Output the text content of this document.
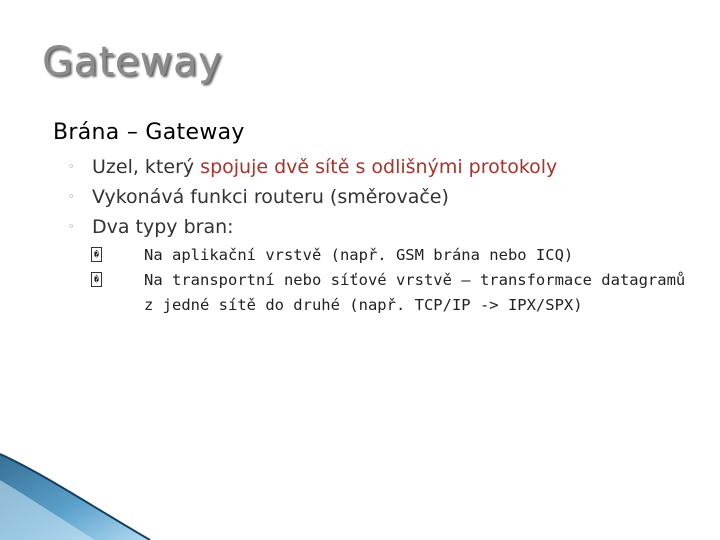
Gateway
Brána – Gateway
◦ Uzel, který spojuje dvě sítě s odlišnými protokoly
◦ Vykonává funkci routeru (směrovače)
◦ Dva typy bran:
�	Na aplikační vrstvě (např. GSM brána nebo ICQ)
�	Na transportní nebo síťové vrstvě – transformace datagramů z jedné sítě do druhé (např. TCP/IP -> IPX/SPX)
